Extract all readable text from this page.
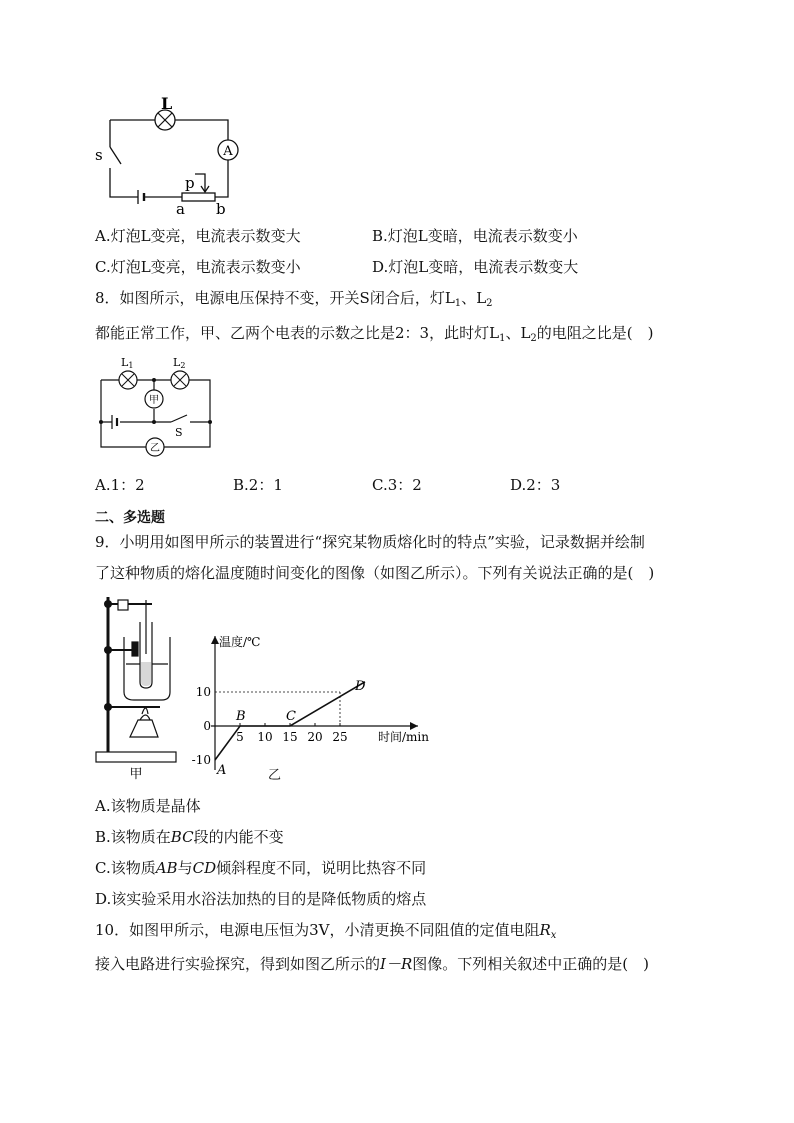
A
L
s
p
a b
A.灯泡L变亮，电流表示数变大	B.灯泡L变暗，电流表示数变小
C.灯泡L变亮，电流表示数变小	D.灯泡L变暗，电流表示数变大
8．如图所示，电源电压保持不变，开关S闭合后，灯$L_1$、$L_2$
都能正常工作，甲、乙两个电表的示数之比是2：3，此时灯$L_1$、$L_2$的电阻之比是(　)
甲
乙
L1	L2
S
A.1：2	B.2：1	C.3：2	D.2：3
二、多选题
9．小明用如图甲所示的装置进行“探究某物质熔化时的特点”实验，记录数据并绘制
了这种物质的熔化温度随时间变化的图像（如图乙所示）。下列有关说法正确的是(　)
甲
5 10 15 20 25
10
0
-10
A
B	C
D
温度/℃
时间/min
乙
A.该物质是晶体
B.该物质在BC段的内能不变
C.该物质AB与CD倾斜程度不同，说明比热容不同
D.该实验采用水浴法加热的目的是降低物质的熔点
10．如图甲所示，电源电压恒为3V，小清更换不同阻值的定值电阻$R_x$
接入电路进行实验探究，得到如图乙所示的I－R图像。下列相关叙述中正确的是(　)
